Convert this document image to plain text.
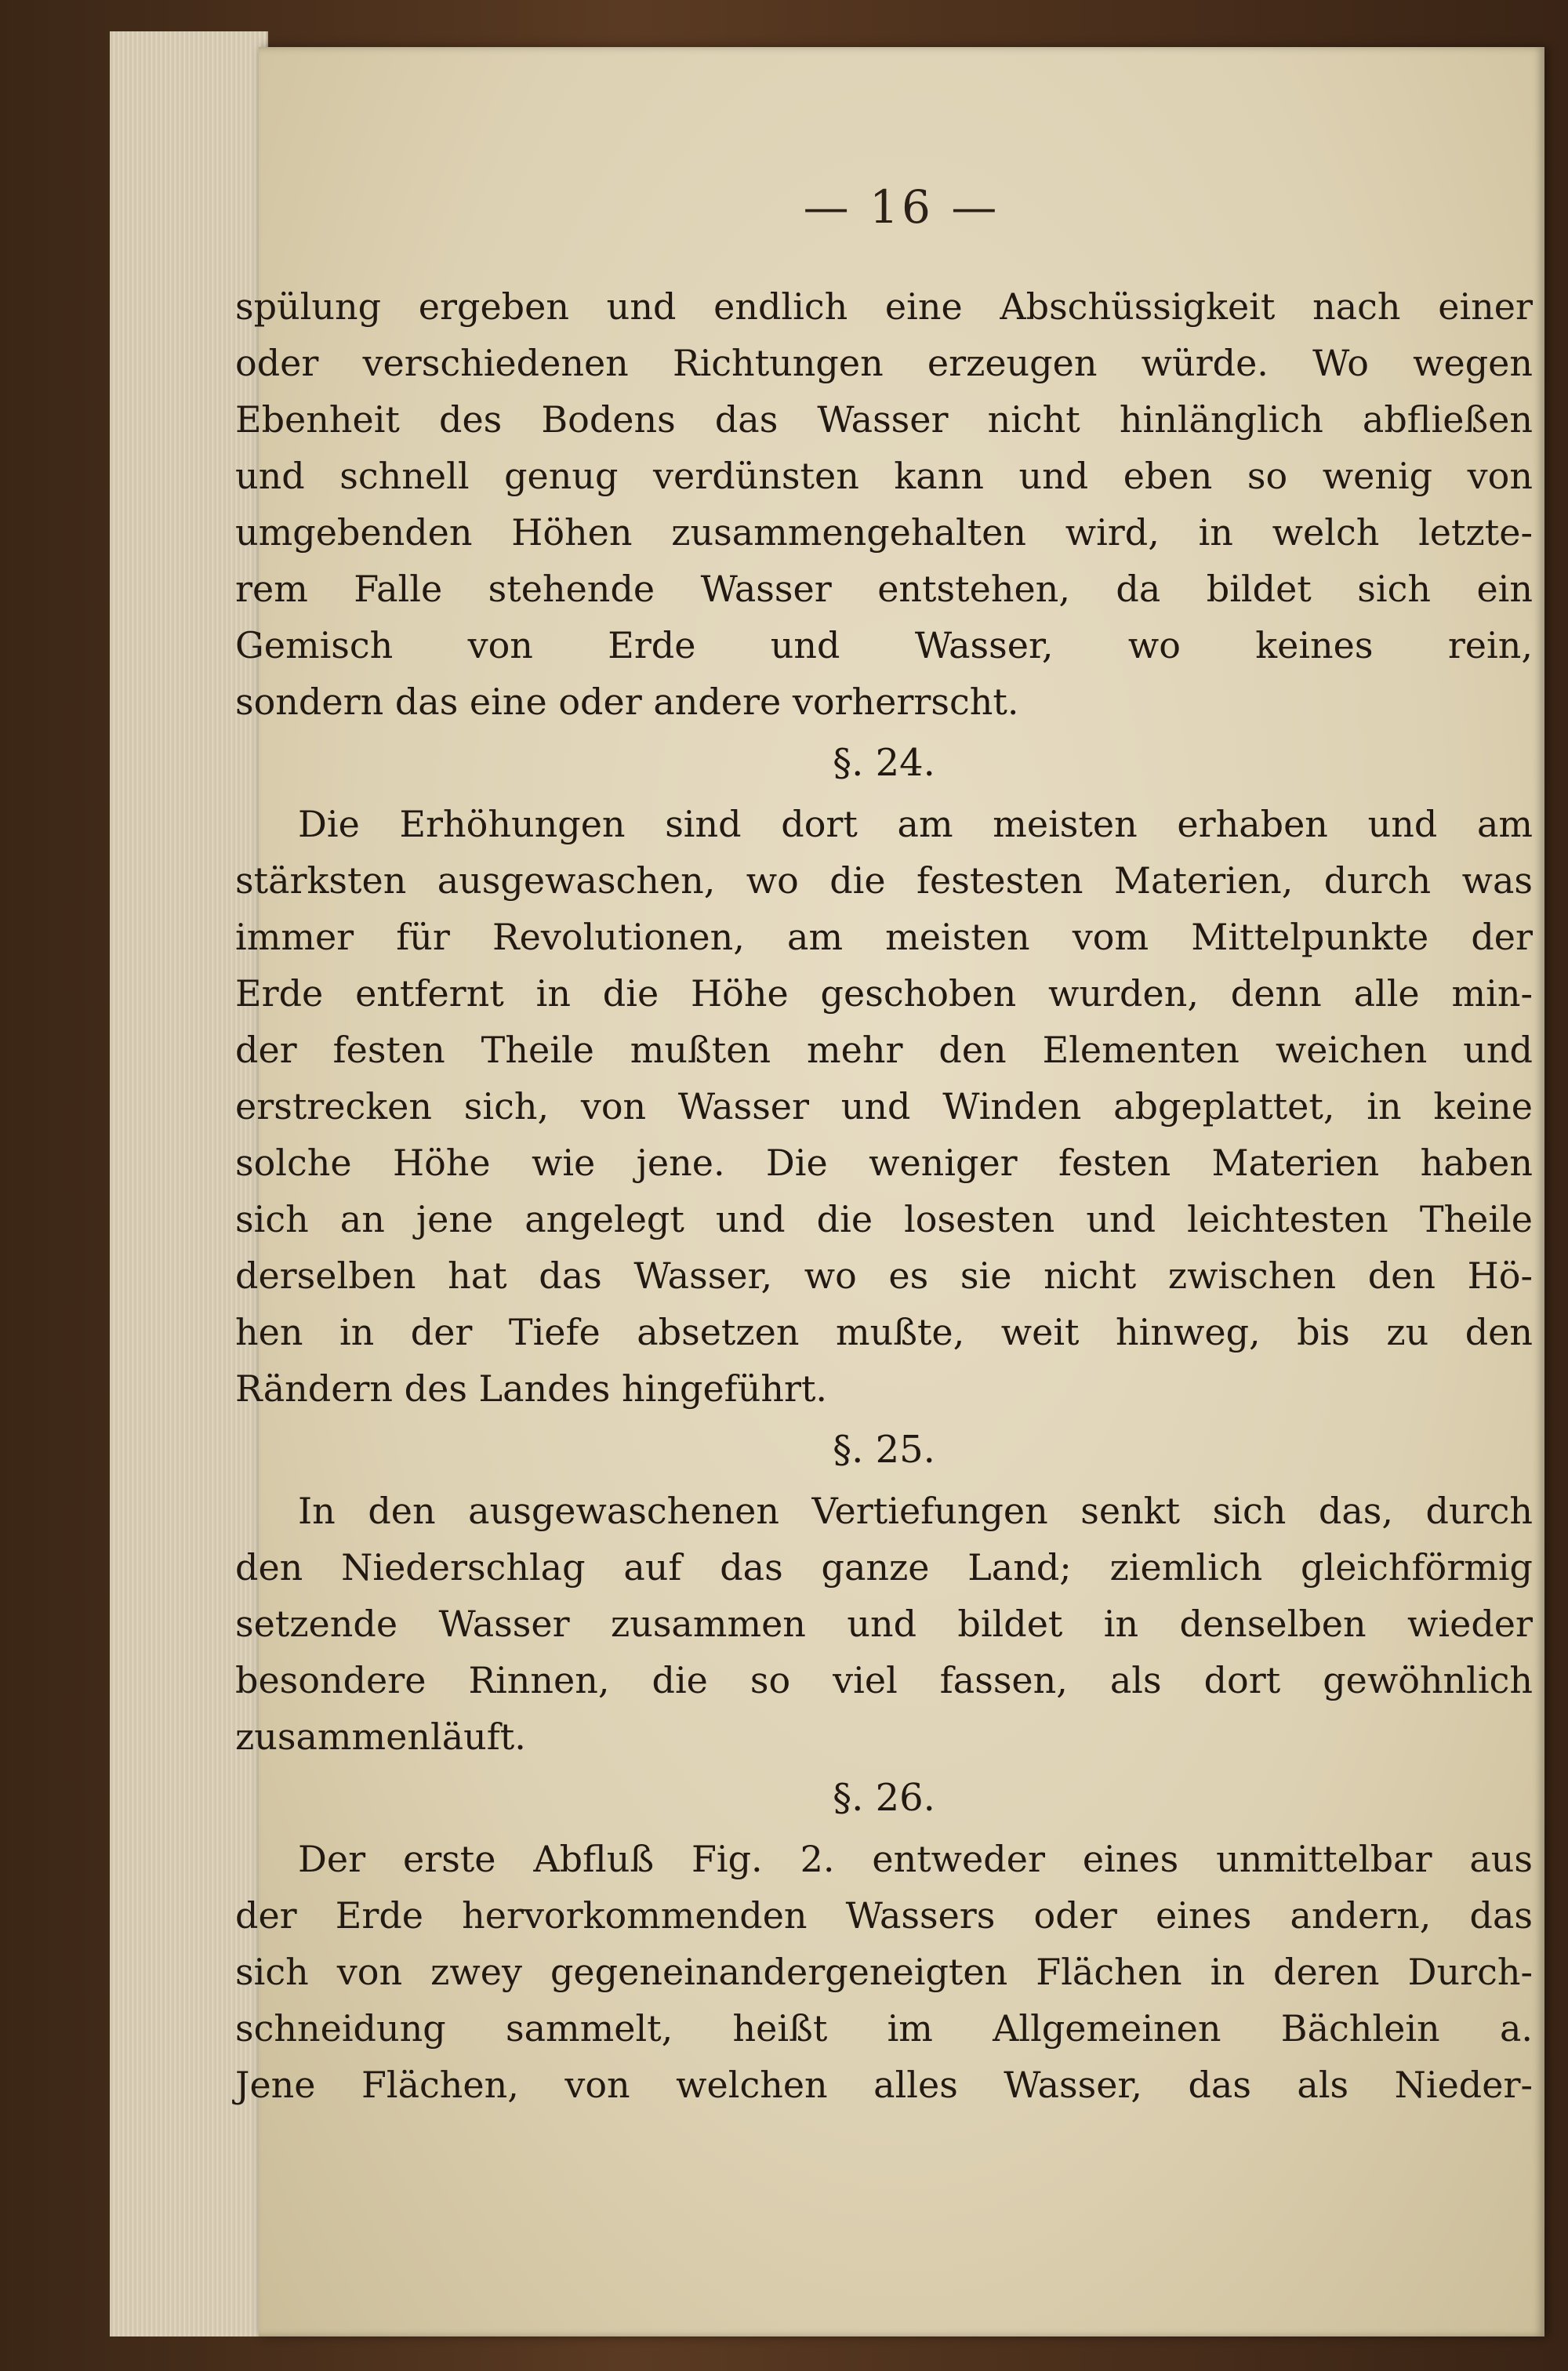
— 16 —
spülung ergeben und endlich eine Abschüssigkeit nach einer
oder verschiedenen Richtungen erzeugen würde. Wo wegen
Ebenheit des Bodens das Wasser nicht hinlänglich abfließen
und schnell genug verdünsten kann und eben so wenig von
umgebenden Höhen zusammengehalten wird, in welch letzte-
rem Falle stehende Wasser entstehen, da bildet sich ein
Gemisch von Erde und Wasser, wo keines rein,
sondern das eine oder andere vorherrscht.
§. 24.
Die Erhöhungen sind dort am meisten erhaben und am
stärksten ausgewaschen, wo die festesten Materien, durch was
immer für Revolutionen, am meisten vom Mittelpunkte der
Erde entfernt in die Höhe geschoben wurden, denn alle min-
der festen Theile mußten mehr den Elementen weichen und
erstrecken sich, von Wasser und Winden abgeplattet, in keine
solche Höhe wie jene. Die weniger festen Materien haben
sich an jene angelegt und die losesten und leichtesten Theile
derselben hat das Wasser, wo es sie nicht zwischen den Hö-
hen in der Tiefe absetzen mußte, weit hinweg, bis zu den
Rändern des Landes hingeführt.
§. 25.
In den ausgewaschenen Vertiefungen senkt sich das, durch
den Niederschlag auf das ganze Land; ziemlich gleichförmig
setzende Wasser zusammen und bildet in denselben wieder
besondere Rinnen, die so viel fassen, als dort gewöhnlich
zusammenläuft.
§. 26.
Der erste Abfluß Fig. 2. entweder eines unmittelbar aus
der Erde hervorkommenden Wassers oder eines andern, das
sich von zwey gegeneinandergeneigten Flächen in deren Durch-
schneidung sammelt, heißt im Allgemeinen Bächlein a.
Jene Flächen, von welchen alles Wasser, das als Nieder-
